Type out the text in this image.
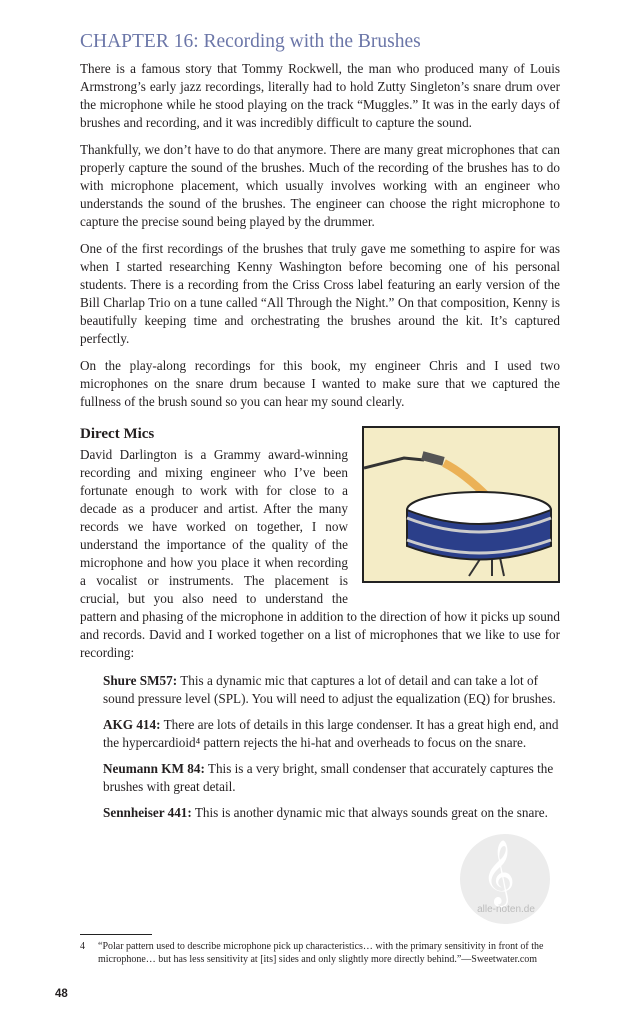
CHAPTER 16: Recording with the Brushes

There is a famous story that Tommy Rockwell, the man who produced many of Louis Armstrong’s early jazz recordings, literally had to hold Zutty Singleton’s snare drum over the microphone while he stood playing on the track “Muggles.” It was in the early days of brushes and recording, and it was incredibly difficult to capture the sound.

Thankfully, we don’t have to do that anymore. There are many great microphones that can properly capture the sound of the brushes. Much of the recording of the brushes has to do with microphone placement, which usually involves working with an engineer who understands the sound of the brushes. The engineer can choose the right microphone to capture the precise sound being played by the drummer.

One of the first recordings of the brushes that truly gave me something to aspire for was when I started researching Kenny Washington before becoming one of his personal students. There is a recording from the Criss Cross label featuring an early version of the Bill Charlap Trio on a tune called “All Through the Night.” On that composition, Kenny is beautifully keeping time and orchestrating the brushes around the kit. It’s captured perfectly.

On the play-along recordings for this book, my engineer Chris and I used two microphones on the snare drum because I wanted to make sure that we captured the fullness of the brush sound so you can hear my sound clearly.

Direct Mics

David Darlington is a Grammy award-winning recording and mixing engineer who I’ve been fortunate enough to work with for close to a decade as a producer and artist. After the many records we have worked on together, I now understand the importance of the quality of the microphone and how you place it when recording a vocalist or instruments. The placement is crucial, but you also need to understand the pattern and phasing of the microphone in addition to the direction of how it picks up sound and records. David and I worked together on a list of microphones that we like to use for recording:

Shure SM57: This a dynamic mic that captures a lot of detail and can take a lot of sound pressure level (SPL). You will need to adjust the equalization (EQ) for brushes.

AKG 414: There are lots of details in this large condenser. It has a great high end, and the hypercardioid⁴ pattern rejects the hi-hat and overheads to focus on the snare.

Neumann KM 84: This is a very bright, small condenser that accurately captures the brushes with great detail.

Sennheiser 441: This is another dynamic mic that always sounds great on the snare.

𝄞
alle-noten.de
4	“Polar pattern used to describe microphone pick up characteristics… with the primary sensitivity in front of the microphone… but has less sensitivity at [its] sides and only slightly more directly behind.”—Sweetwater.com
48
